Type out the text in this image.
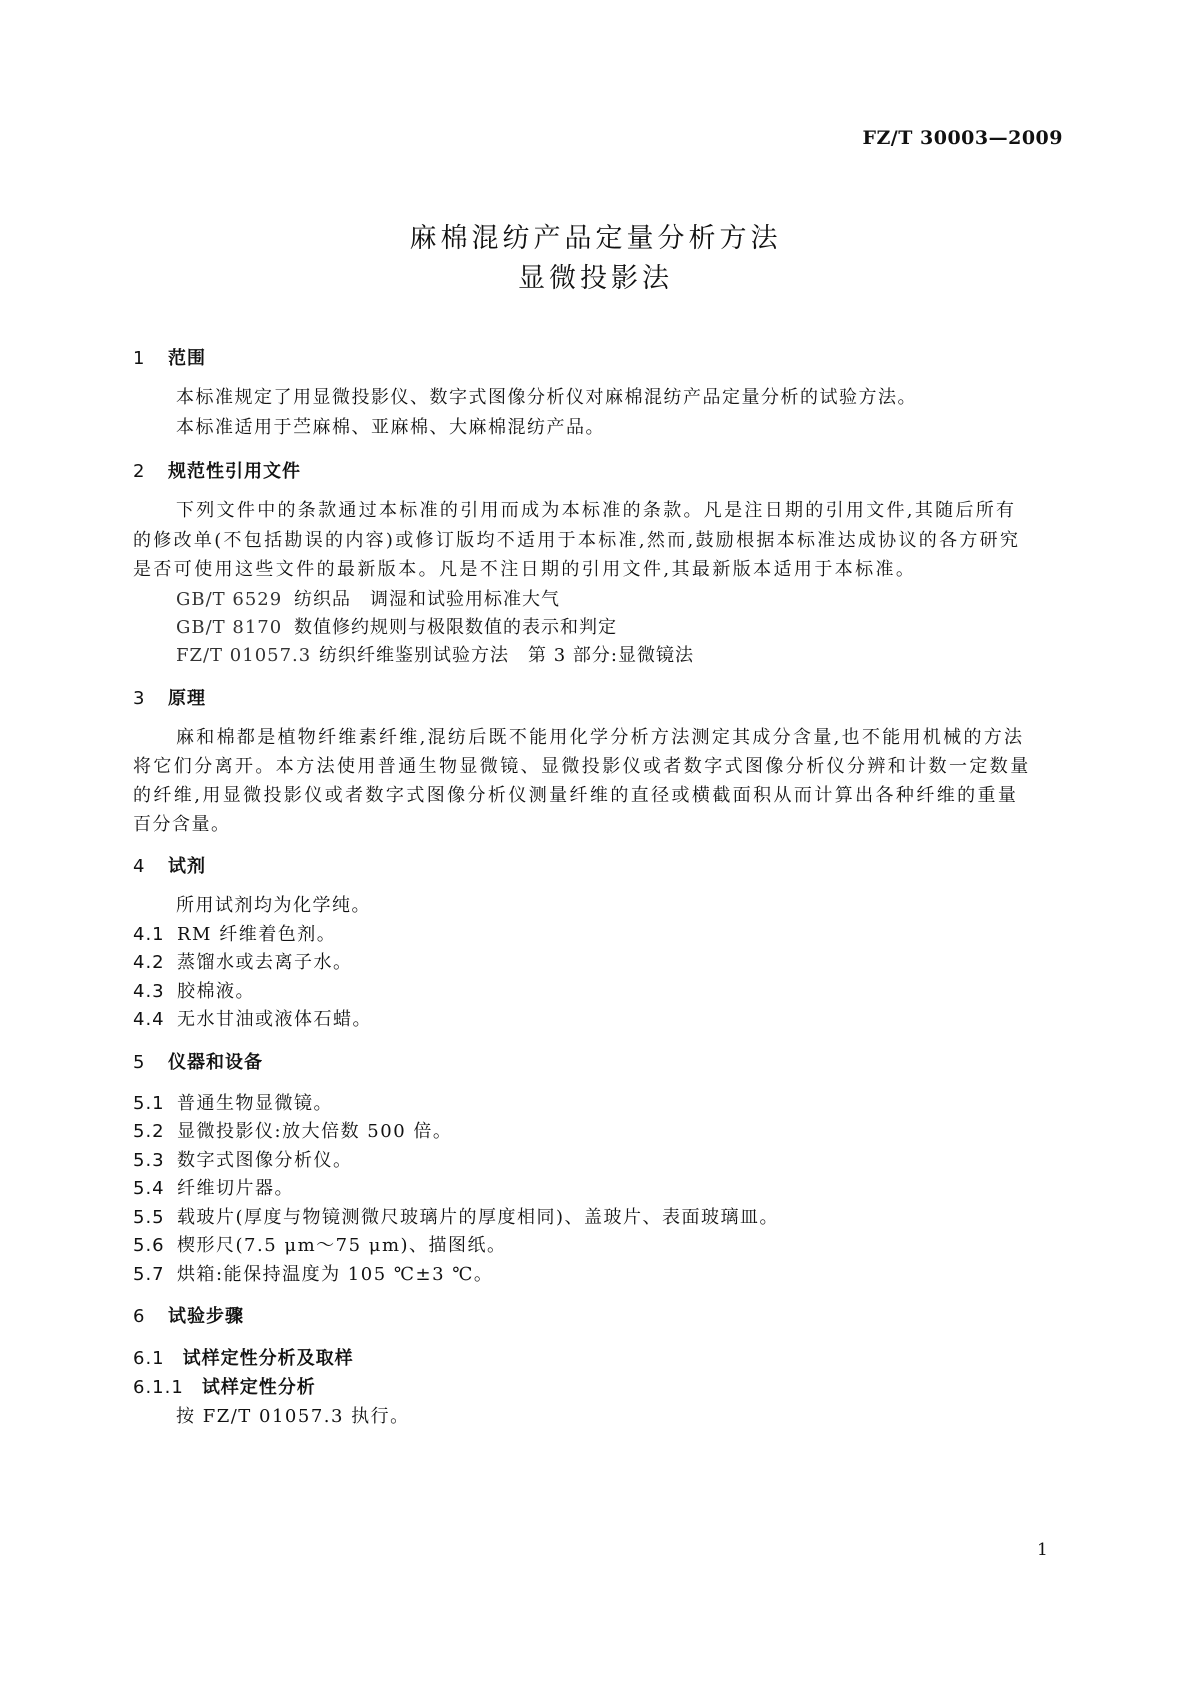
FZ/T 30003—2009
麻棉混纺产品定量分析方法
显微投影法
1 范围
本标准规定了用显微投影仪、数字式图像分析仪对麻棉混纺产品定量分析的试验方法。
本标准适用于苎麻棉、亚麻棉、大麻棉混纺产品。
2 规范性引用文件
下列文件中的条款通过本标准的引用而成为本标准的条款。凡是注日期的引用文件,其随后所有
的修改单(不包括勘误的内容)或修订版均不适用于本标准,然而,鼓励根据本标准达成协议的各方研究
是否可使用这些文件的最新版本。凡是不注日期的引用文件,其最新版本适用于本标准。
GB/T 6529 纺织品　调湿和试验用标准大气
GB/T 8170 数值修约规则与极限数值的表示和判定
FZ/T 01057.3 纺织纤维鉴别试验方法　第 3 部分:显微镜法
3 原理
麻和棉都是植物纤维素纤维,混纺后既不能用化学分析方法测定其成分含量,也不能用机械的方法
将它们分离开。本方法使用普通生物显微镜、显微投影仪或者数字式图像分析仪分辨和计数一定数量
的纤维,用显微投影仪或者数字式图像分析仪测量纤维的直径或横截面积从而计算出各种纤维的重量
百分含量。
4 试剂
所用试剂均为化学纯。
4.1 RM 纤维着色剂。
4.2 蒸馏水或去离子水。
4.3 胶棉液。
4.4 无水甘油或液体石蜡。
5 仪器和设备
5.1 普通生物显微镜。
5.2 显微投影仪:放大倍数 500 倍。
5.3 数字式图像分析仪。
5.4 纤维切片器。
5.5 载玻片(厚度与物镜测微尺玻璃片的厚度相同)、盖玻片、表面玻璃皿。
5.6 楔形尺(7.5 μm～75 μm)、描图纸。
5.7 烘箱:能保持温度为 105 ℃±3 ℃。
6 试验步骤
6.1 试样定性分析及取样
6.1.1 试样定性分析
按 FZ/T 01057.3 执行。
1
